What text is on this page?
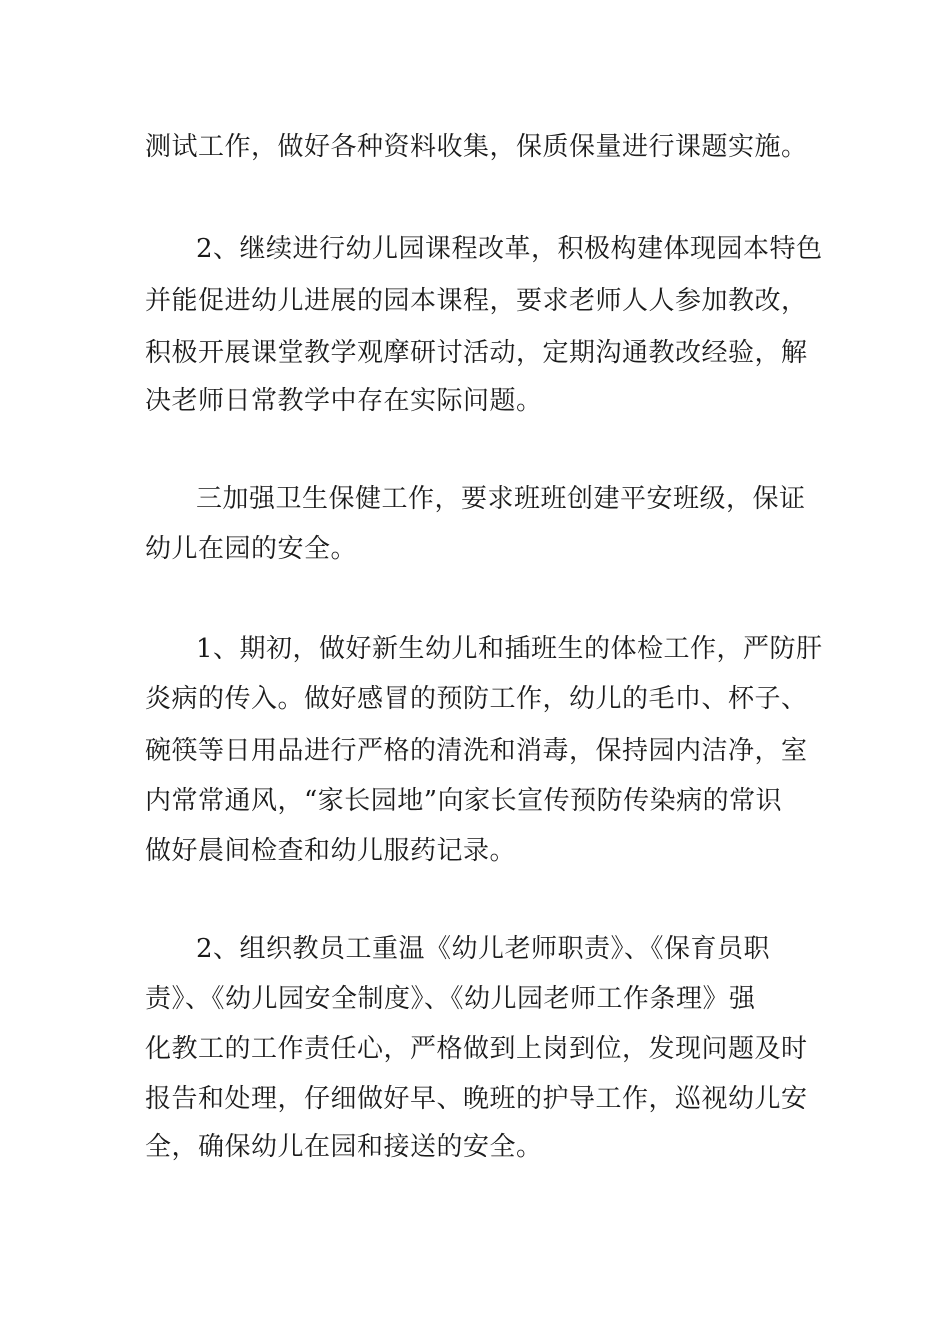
测试工作，做好各种资料收集，保质保量进行课题实施。
2、继续进行幼儿园课程改革，积极构建体现园本特色
并能促进幼儿进展的园本课程，要求老师人人参加教改，
积极开展课堂教学观摩研讨活动，定期沟通教改经验，解
决老师日常教学中存在实际问题。
三加强卫生保健工作，要求班班创建平安班级，保证
幼儿在园的安全。
1、期初，做好新生幼儿和插班生的体检工作，严防肝
炎病的传入。做好感冒的预防工作，幼儿的毛巾、杯子、
碗筷等日用品进行严格的清洗和消毒，保持园内洁净，室
内常常通风，“家长园地”向家长宣传预防传染病的常识
做好晨间检查和幼儿服药记录。
2、组织教员工重温《幼儿老师职责》、《保育员职
责》、《幼儿园安全制度》、《幼儿园老师工作条理》强
化教工的工作责任心，严格做到上岗到位，发现问题及时
报告和处理，仔细做好早、晚班的护导工作，巡视幼儿安
全，确保幼儿在园和接送的安全。
